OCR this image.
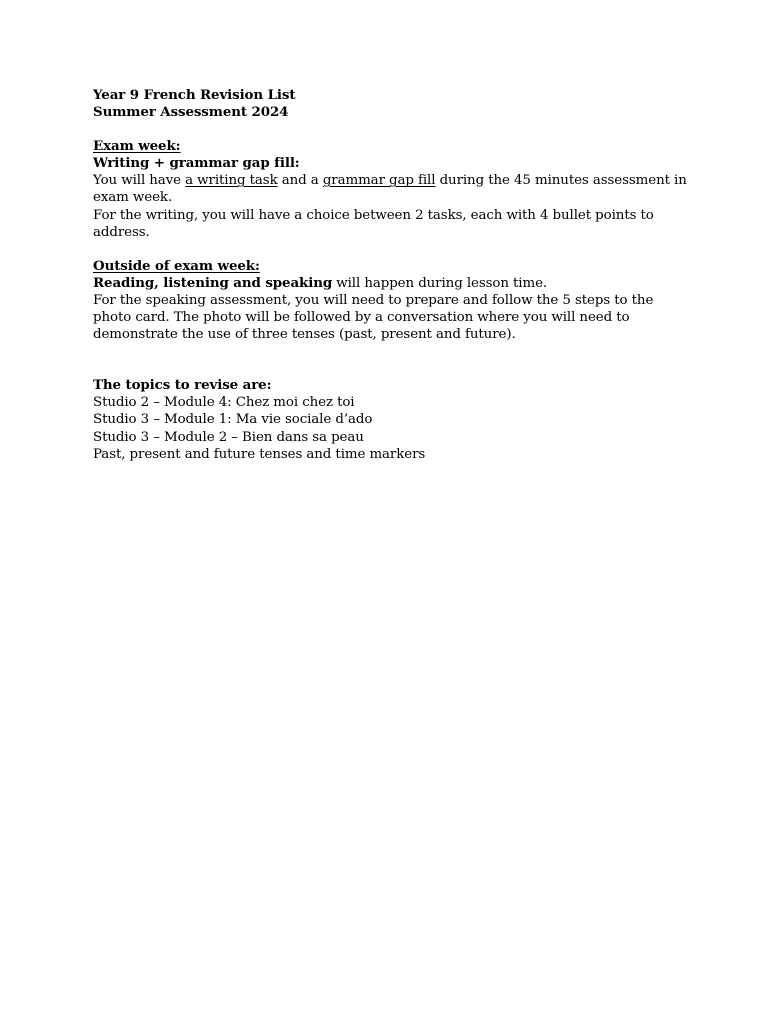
Year 9 French Revision List

Summer Assessment 2024

Exam week:

Writing + grammar gap fill:

You will have a writing task and a grammar gap fill during the 45 minutes assessment in exam week.

For the writing, you will have a choice between 2 tasks, each with 4 bullet points to address.

Outside of exam week:

Reading, listening and speaking will happen during lesson time.

For the speaking assessment, you will need to prepare and follow the 5 steps to the photo card. The photo will be followed by a conversation where you will need to demonstrate the use of three tenses (past, present and future).

The topics to revise are:

Studio 2 – Module 4: Chez moi chez toi

Studio 3 – Module 1: Ma vie sociale d’ado

Studio 3 – Module 2 – Bien dans sa peau

Past, present and future tenses and time markers
